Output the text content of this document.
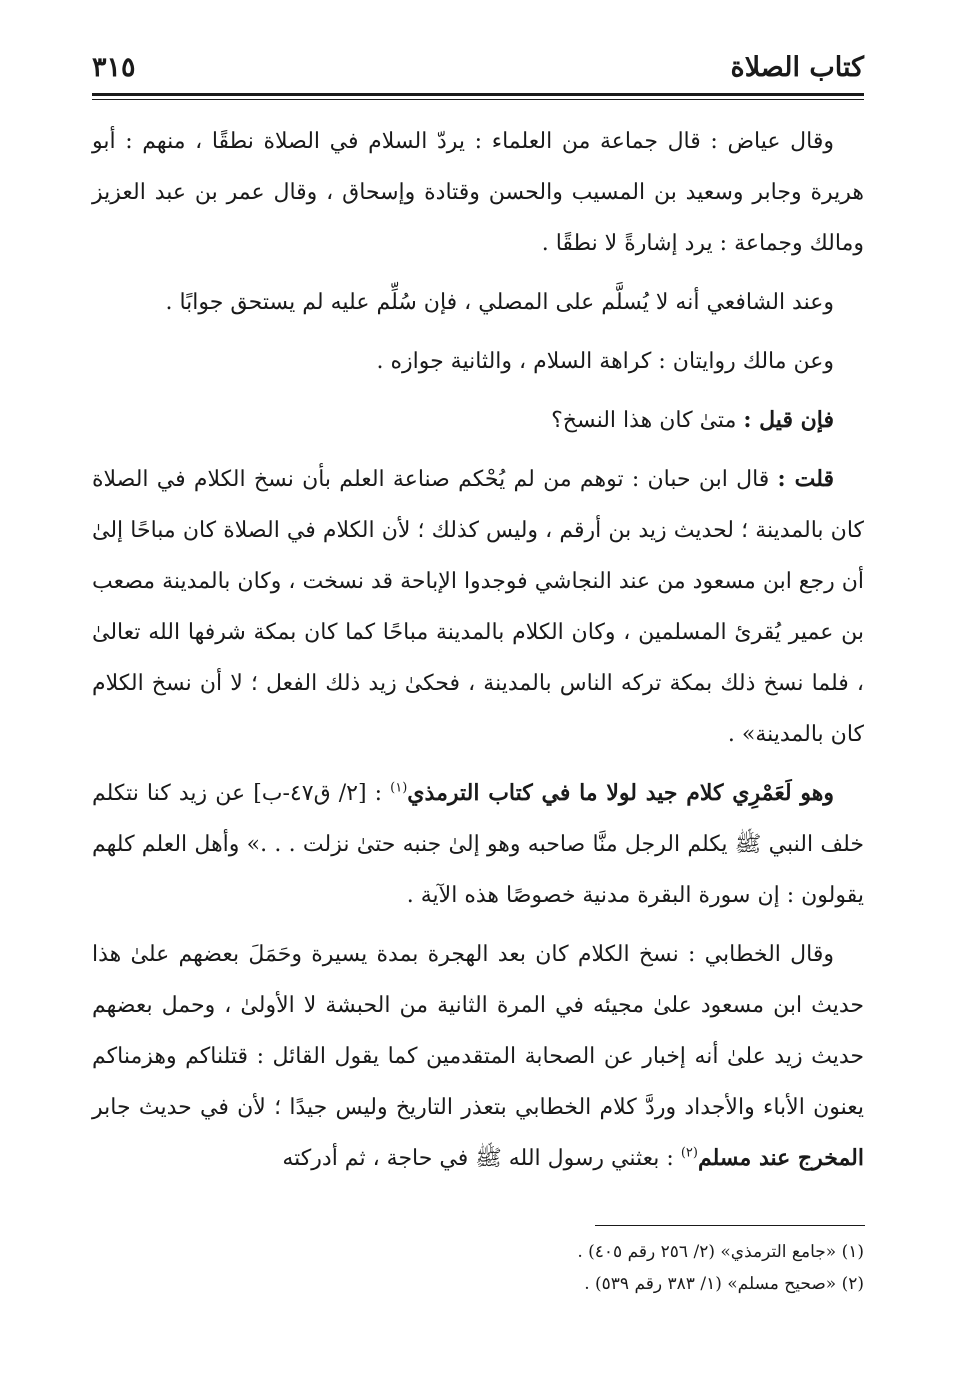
كتاب الصلاة
٣١٥

وقال عياض : قال جماعة من العلماء : يردّ السلام في الصلاة نطقًا ، منهم : أبو هريرة وجابر وسعيد بن المسيب والحسن وقتادة وإسحاق ، وقال عمر بن عبد العزيز ومالك وجماعة : يرد إشارةً لا نطقًا .

وعند الشافعي أنه لا يُسلَّم على المصلي ، فإن سُلِّم عليه لم يستحق جوابًا .

وعن مالك روايتان : كراهة السلام ، والثانية جوازه .

فإن قيل : متىٰ كان هذا النسخ؟

قلت : قال ابن حبان : توهم من لم يُحْكم صناعة العلم بأن نسخ الكلام في الصلاة كان بالمدينة ؛ لحديث زيد بن أرقم ، وليس كذلك ؛ لأن الكلام في الصلاة كان مباحًا إلىٰ أن رجع ابن مسعود من عند النجاشي فوجدوا الإباحة قد نسخت ، وكان بالمدينة مصعب بن عمير يُقرئ المسلمين ، وكان الكلام بالمدينة مباحًا كما كان بمكة شرفها الله تعالىٰ ، فلما نسخ ذلك بمكة تركه الناس بالمدينة ، فحكىٰ زيد ذلك الفعل ؛ لا أن نسخ الكلام كان بالمدينة» .

وهو لَعَمْرِي كلام جيد لولا ما في كتاب الترمذي$^{(١)}$ : [٢/ ق٤٧-ب] عن زيد كنا نتكلم خلف النبي ﷺ يكلم الرجل منَّا صاحبه وهو إلىٰ جنبه حتىٰ نزلت . . .» وأهل العلم كلهم يقولون : إن سورة البقرة مدنية خصوصًا هذه الآية .

وقال الخطابي : نسخ الكلام كان بعد الهجرة بمدة يسيرة وحَمَلَ بعضهم علىٰ هذا حديث ابن مسعود علىٰ مجيئه في المرة الثانية من الحبشة لا الأولىٰ ، وحمل بعضهم حديث زيد علىٰ أنه إخبار عن الصحابة المتقدمين كما يقول القائل : قتلناكم وهزمناكم يعنون الأباء والأجداد وردَّ كلام الخطابي بتعذر التاريخ وليس جيدًا ؛ لأن في حديث جابر المخرج عند مسلم$^{(٢)}$ : بعثني رسول الله ﷺ في حاجة ، ثم أدركته

(١) «جامع الترمذي» (٢/ ٢٥٦ رقم ٤٠٥) .
(٢) «صحيح مسلم» (١/ ٣٨٣ رقم ٥٣٩) .
